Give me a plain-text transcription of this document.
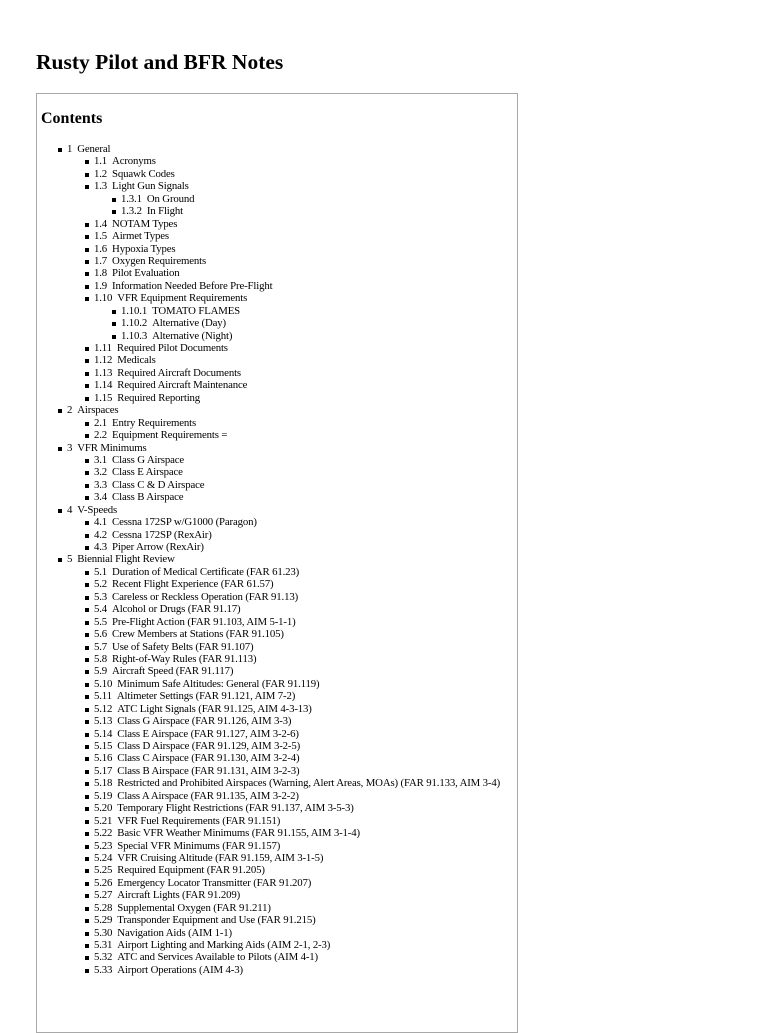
Rusty Pilot and BFR Notes
Contents
1 General
1.1 Acronyms
1.2 Squawk Codes
1.3 Light Gun Signals
1.3.1 On Ground
1.3.2 In Flight
1.4 NOTAM Types
1.5 Airmet Types
1.6 Hypoxia Types
1.7 Oxygen Requirements
1.8 Pilot Evaluation
1.9 Information Needed Before Pre-Flight
1.10 VFR Equipment Requirements
1.10.1 TOMATO FLAMES
1.10.2 Alternative (Day)
1.10.3 Alternative (Night)
1.11 Required Pilot Documents
1.12 Medicals
1.13 Required Aircraft Documents
1.14 Required Aircraft Maintenance
1.15 Required Reporting
2 Airspaces
2.1 Entry Requirements
2.2 Equipment Requirements =
3 VFR Minimums
3.1 Class G Airspace
3.2 Class E Airspace
3.3 Class C & D Airspace
3.4 Class B Airspace
4 V-Speeds
4.1 Cessna 172SP w/G1000 (Paragon)
4.2 Cessna 172SP (RexAir)
4.3 Piper Arrow (RexAir)
5 Biennial Flight Review
5.1 Duration of Medical Certificate (FAR 61.23)
5.2 Recent Flight Experience (FAR 61.57)
5.3 Careless or Reckless Operation (FAR 91.13)
5.4 Alcohol or Drugs (FAR 91.17)
5.5 Pre-Flight Action (FAR 91.103, AIM 5-1-1)
5.6 Crew Members at Stations (FAR 91.105)
5.7 Use of Safety Belts (FAR 91.107)
5.8 Right-of-Way Rules (FAR 91.113)
5.9 Aircraft Speed (FAR 91.117)
5.10 Minimum Safe Altitudes: General (FAR 91.119)
5.11 Altimeter Settings (FAR 91.121, AIM 7-2)
5.12 ATC Light Signals (FAR 91.125, AIM 4-3-13)
5.13 Class G Airspace (FAR 91.126, AIM 3-3)
5.14 Class E Airspace (FAR 91.127, AIM 3-2-6)
5.15 Class D Airspace (FAR 91.129, AIM 3-2-5)
5.16 Class C Airspace (FAR 91.130, AIM 3-2-4)
5.17 Class B Airspace (FAR 91.131, AIM 3-2-3)
5.18 Restricted and Prohibited Airspaces (Warning, Alert Areas, MOAs) (FAR 91.133, AIM 3-4)
5.19 Class A Airspace (FAR 91.135, AIM 3-2-2)
5.20 Temporary Flight Restrictions (FAR 91.137, AIM 3-5-3)
5.21 VFR Fuel Requirements (FAR 91.151)
5.22 Basic VFR Weather Minimums (FAR 91.155, AIM 3-1-4)
5.23 Special VFR Minimums (FAR 91.157)
5.24 VFR Cruising Altitude (FAR 91.159, AIM 3-1-5)
5.25 Required Equipment (FAR 91.205)
5.26 Emergency Locator Transmitter (FAR 91.207)
5.27 Aircraft Lights (FAR 91.209)
5.28 Supplemental Oxygen (FAR 91.211)
5.29 Transponder Equipment and Use (FAR 91.215)
5.30 Navigation Aids (AIM 1-1)
5.31 Airport Lighting and Marking Aids (AIM 2-1, 2-3)
5.32 ATC and Services Available to Pilots (AIM 4-1)
5.33 Airport Operations (AIM 4-3)
